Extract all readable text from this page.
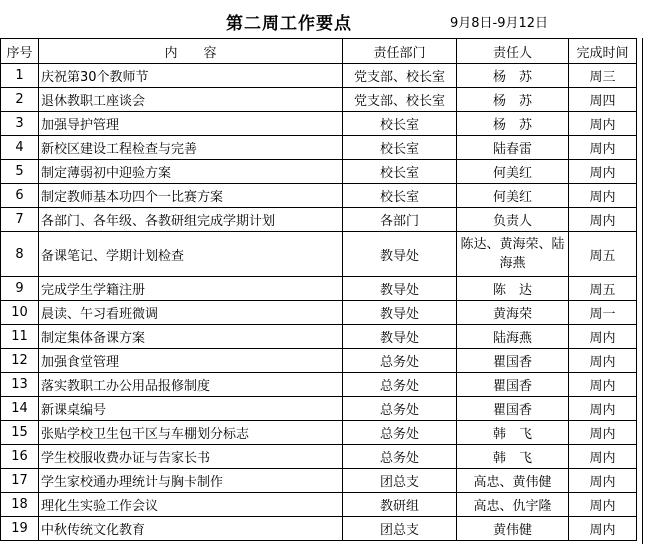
第二周工作要点	9月8日-9月12日
序号	内　　容	责任部门	责任人	完成时间
1	庆祝第30个教师节	党支部、校长室	杨　苏	周三
2	退休教职工座谈会	党支部、校长室	杨　苏	周四
3	加强导护管理	校长室	杨　苏	周内
4	新校区建设工程检查与完善	校长室	陆春雷	周内
5	制定薄弱初中迎验方案	校长室	何美红	周内
6	制定教师基本功四个一比赛方案	校长室	何美红	周内
7	各部门、各年级、各教研组完成学期计划	各部门	负责人	周内
8	备课笔记、学期计划检查	教导处	陈达、黄海荣、陆海燕	周五
9	完成学生学籍注册	教导处	陈　达	周五
10	晨读、午习看班微调	教导处	黄海荣	周一
11	制定集体备课方案	教导处	陆海燕	周内
12	加强食堂管理	总务处	瞿国香	周内
13	落实教职工办公用品报修制度	总务处	瞿国香	周内
14	新课桌编号	总务处	瞿国香	周内
15	张贴学校卫生包干区与车棚划分标志	总务处	韩　飞	周内
16	学生校服收费办证与告家长书	总务处	韩　飞	周内
17	学生家校通办理统计与胸卡制作	团总支	高忠、黄伟健	周内
18	理化生实验工作会议	教研组	高忠、仇宇隆	周内
19	中秋传统文化教育	团总支	黄伟健	周内
